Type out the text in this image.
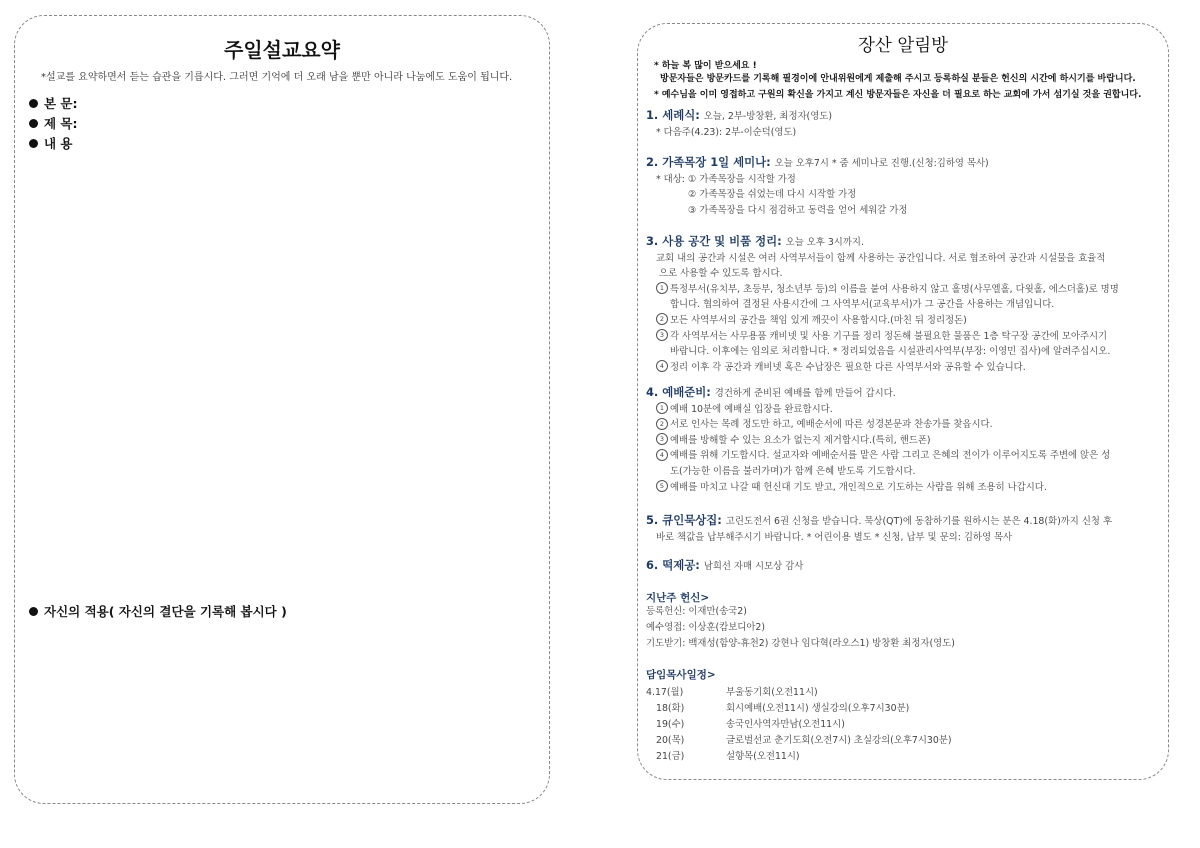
주일설교요약
*설교를 요약하면서 듣는 습관을 기릅시다. 그러면 기억에 더 오래 남을 뿐만 아니라 나눔에도 도움이 됩니다.
본 문:
제 목:
내 용
자신의 적용( 자신의 결단을 기록해 봅시다 )
장산 알림방
* 하늘 복 많이 받으세요 !
방문자들은 방문카드를 기록해 필경이에 안내위원에게 제출해 주시고 등록하실 분들은 헌신의 시간에 하시기를 바랍니다.
* 예수님을 이미 영접하고 구원의 확신을 가지고 계신 방문자들은 자신을 더 필요로 하는 교회에 가서 섬기실 것을 권합니다.
1. 세례식: 오늘, 2부-방창환, 최정자(영도)
* 다음주(4.23): 2부-이순덕(영도)
2. 가족목장 1일 세미나: 오늘 오후7시 * 줌 세미나로 진행.(신청:김하영 목사)
* 대상: ① 가족목장을 시작할 가정
② 가족목장을 쉬었는데 다시 시작할 가정
③ 가족목장을 다시 점검하고 동력을 얻어 세워갈 가정
3. 사용 공간 및 비품 정리: 오늘 오후 3시까지.
교회 내의 공간과 시설은 여러 사역부서들이 함께 사용하는 공간입니다. 서로 협조하여 공간과 시설물을 효율적
으로 사용할 수 있도록 합시다.
1 특정부서(유치부, 초등부, 청소년부 등)의 이름을 붙여 사용하지 않고 홀명(사무엘홀, 다윗홀, 에스더홀)로 명명
합니다. 협의하여 결정된 사용시간에 그 사역부서(교육부서)가 그 공간을 사용하는 개념입니다.
2 모든 사역부서의 공간을 책임 있게 깨끗이 사용합시다.(마친 뒤 정리정돈)
3 각 사역부서는 사무용품 캐비넷 및 사용 기구를 정리 정돈해 불필요한 물품은 1층 탁구장 공간에 모아주시기
바랍니다. 이후에는 임의로 처리합니다. * 정리되었음을 시설관리사역부(부장: 이영민 집사)에 알려주십시오.
4 정리 이후 각 공간과 캐비넷 혹은 수납장은 필요한 다른 사역부서와 공유할 수 있습니다.
4. 예배준비: 경건하게 준비된 예배를 함께 만들어 갑시다.
1 예배 10분에 예배실 입장을 완료합시다.
2 서로 인사는 목례 정도만 하고, 예배순서에 따른 성경본문과 찬송가를 찾읍시다.
3 예배를 방해할 수 있는 요소가 없는지 제거합시다.(특히, 핸드폰)
4 예배를 위해 기도합시다. 설교자와 예배순서를 맡은 사람 그리고 은혜의 전이가 이루어지도록 주변에 앉은 성
도(가능한 이름을 불러가며)가 함께 은혜 받도록 기도합시다.
5 예배를 마치고 나갈 때 헌신대 기도 받고, 개인적으로 기도하는 사람을 위해 조용히 나갑시다.
5. 큐인묵상집: 고린도전서 6권 신청을 받습니다. 묵상(QT)에 동참하기를 원하시는 분은 4.18(화)까지 신청 후
바로 책값을 납부해주시기 바랍니다. * 어린이용 별도 * 신청, 납부 및 문의: 김하영 목사
6. 떡제공: 남희선 자매 시모상 감사
지난주 헌신>
등록헌신: 이재만(송국2)
예수영접: 이상훈(캄보디아2)
기도받기: 백재성(함양-휴천2) 강현나 임다혁(라오스1) 방창환 최정자(영도)
담임목사일정>
4.17(월)	부울동기회(오전11시)
18(화)	회시예배(오전11시) 생실강의(오후7시30분)
19(수)	송국인사역자만남(오전11시)
20(목)	글로벌선교 춘기도회(오전7시) 초실강의(오후7시30분)
21(금)	설향목(오전11시)
